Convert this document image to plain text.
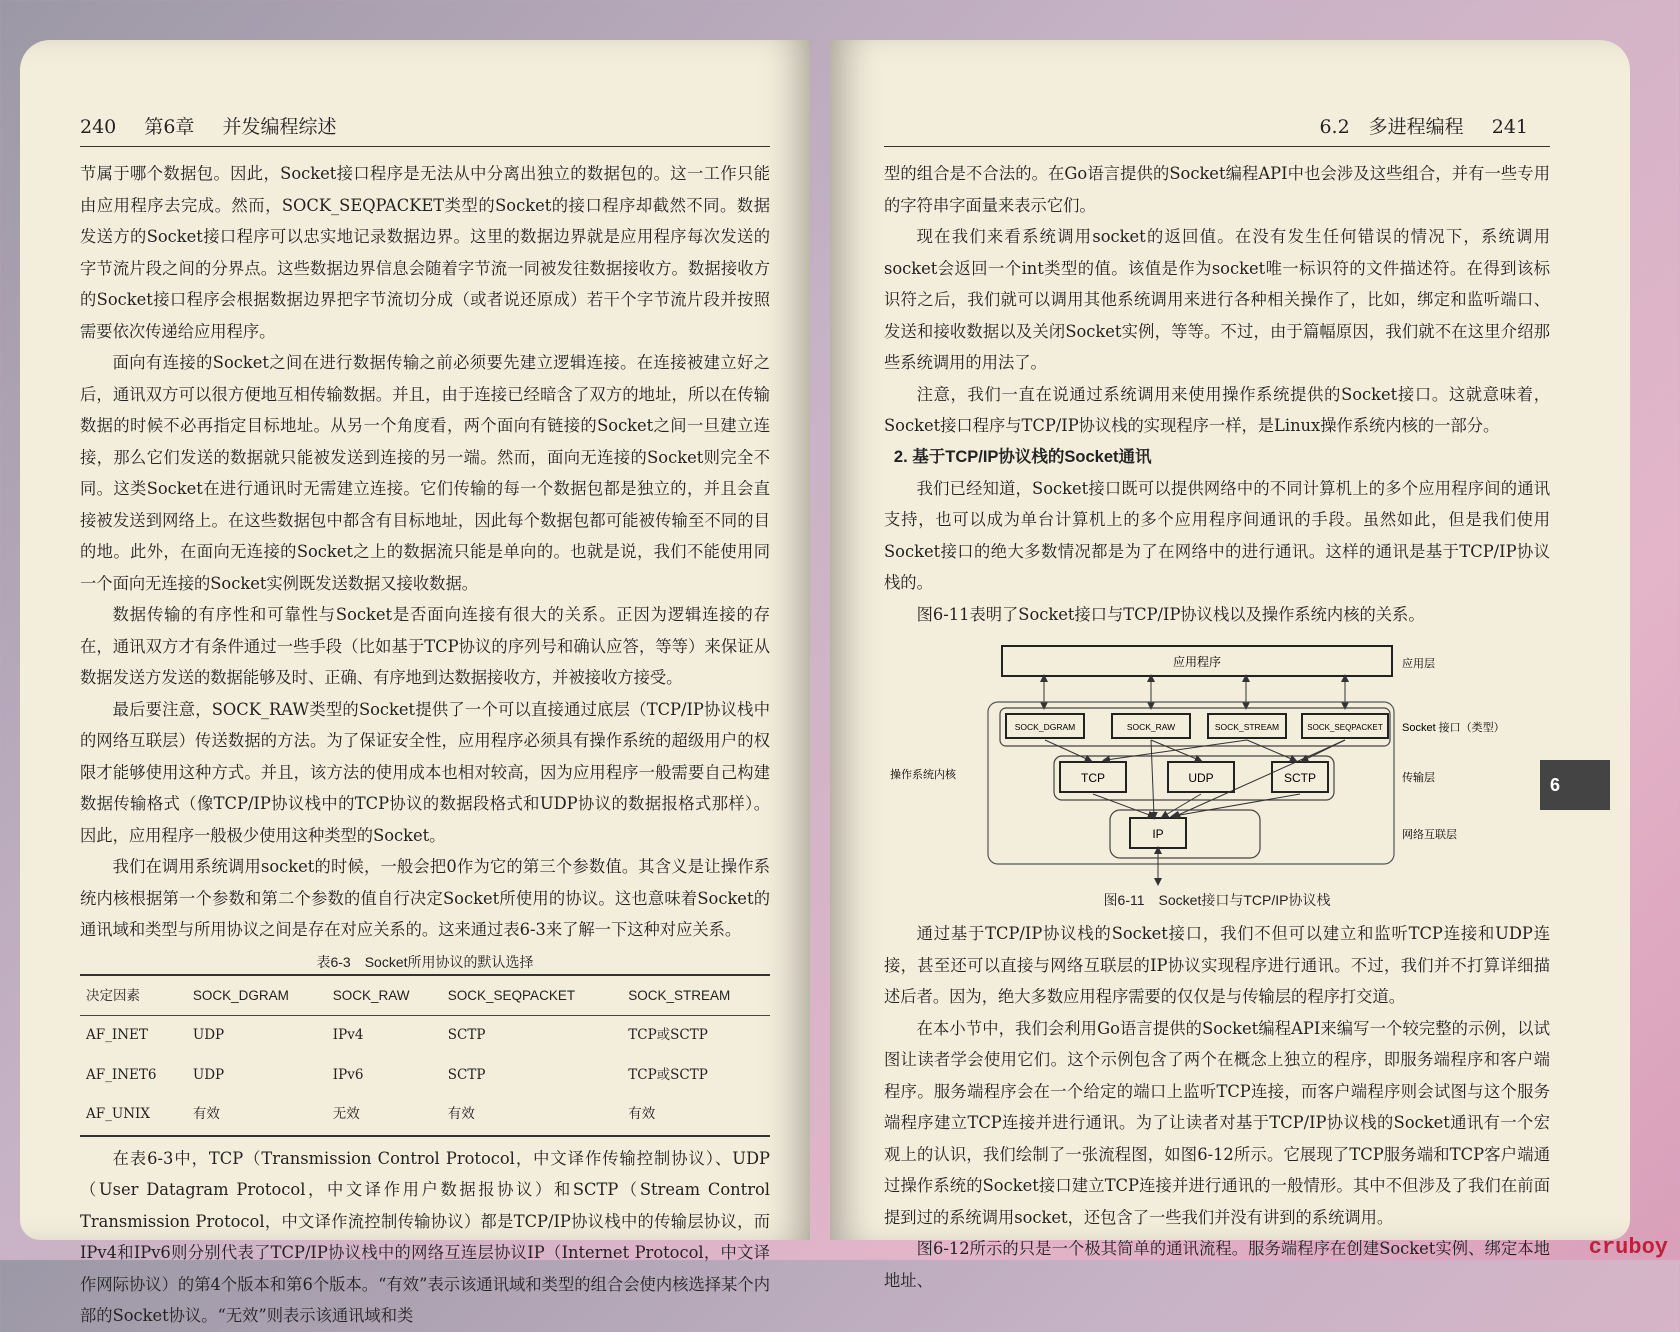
240 第6章 并发编程综述

节属于哪个数据包。因此，Socket接口程序是无法从中分离出独立的数据包的。这一工作只能由应用程序去完成。然而，SOCK_SEQPACKET类型的Socket的接口程序却截然不同。数据发送方的Socket接口程序可以忠实地记录数据边界。这里的数据边界就是应用程序每次发送的字节流片段之间的分界点。这些数据边界信息会随着字节流一同被发往数据接收方。数据接收方的Socket接口程序会根据数据边界把字节流切分成（或者说还原成）若干个字节流片段并按照需要依次传递给应用程序。

面向有连接的Socket之间在进行数据传输之前必须要先建立逻辑连接。在连接被建立好之后，通讯双方可以很方便地互相传输数据。并且，由于连接已经暗含了双方的地址，所以在传输数据的时候不必再指定目标地址。从另一个角度看，两个面向有链接的Socket之间一旦建立连接，那么它们发送的数据就只能被发送到连接的另一端。然而，面向无连接的Socket则完全不同。这类Socket在进行通讯时无需建立连接。它们传输的每一个数据包都是独立的，并且会直接被发送到网络上。在这些数据包中都含有目标地址，因此每个数据包都可能被传输至不同的目的地。此外，在面向无连接的Socket之上的数据流只能是单向的。也就是说，我们不能使用同一个面向无连接的Socket实例既发送数据又接收数据。

数据传输的有序性和可靠性与Socket是否面向连接有很大的关系。正因为逻辑连接的存在，通讯双方才有条件通过一些手段（比如基于TCP协议的序列号和确认应答，等等）来保证从数据发送方发送的数据能够及时、正确、有序地到达数据接收方，并被接收方接受。

最后要注意，SOCK_RAW类型的Socket提供了一个可以直接通过底层（TCP/IP协议栈中的网络互联层）传送数据的方法。为了保证安全性，应用程序必须具有操作系统的超级用户的权限才能够使用这种方式。并且，该方法的使用成本也相对较高，因为应用程序一般需要自己构建数据传输格式（像TCP/IP协议栈中的TCP协议的数据段格式和UDP协议的数据报格式那样）。因此，应用程序一般极少使用这种类型的Socket。

我们在调用系统调用socket的时候，一般会把0作为它的第三个参数值。其含义是让操作系统内核根据第一个参数和第二个参数的值自行决定Socket所使用的协议。这也意味着Socket的通讯域和类型与所用协议之间是存在对应关系的。这来通过表6-3来了解一下这种对应关系。

表6-3　Socket所用协议的默认选择
决定因素	SOCK_DGRAM	SOCK_RAW	SOCK_SEQPACKET	SOCK_STREAM
AF_INET	UDP	IPv4	SCTP	TCP或SCTP
AF_INET6	UDP	IPv6	SCTP	TCP或SCTP
AF_UNIX	有效	无效	有效	有效

在表6-3中，TCP（Transmission Control Protocol，中文译作传输控制协议）、UDP（User Datagram Protocol，中文译作用户数据报协议）和SCTP（Stream Control Transmission Protocol，中文译作流控制传输协议）都是TCP/IP协议栈中的传输层协议，而IPv4和IPv6则分别代表了TCP/IP协议栈中的网络互连层协议IP（Internet Protocol，中文译作网际协议）的第4个版本和第6个版本。“有效”表示该通讯域和类型的组合会使内核选择某个内部的Socket协议。“无效”则表示该通讯域和类

6.2　多进程编程 241

型的组合是不合法的。在Go语言提供的Socket编程API中也会涉及这些组合，并有一些专用的字符串字面量来表示它们。

现在我们来看系统调用socket的返回值。在没有发生任何错误的情况下，系统调用socket会返回一个int类型的值。该值是作为socket唯一标识符的文件描述符。在得到该标识符之后，我们就可以调用其他系统调用来进行各种相关操作了，比如，绑定和监听端口、发送和接收数据以及关闭Socket实例，等等。不过，由于篇幅原因，我们就不在这里介绍那些系统调用的用法了。

注意，我们一直在说通过系统调用来使用操作系统提供的Socket接口。这就意味着，Socket接口程序与TCP/IP协议栈的实现程序一样，是Linux操作系统内核的一部分。

2. 基于TCP/IP协议栈的Socket通讯

我们已经知道，Socket接口既可以提供网络中的不同计算机上的多个应用程序间的通讯支持，也可以成为单台计算机上的多个应用程序间通讯的手段。虽然如此，但是我们使用Socket接口的绝大多数情况都是为了在网络中的进行通讯。这样的通讯是基于TCP/IP协议栈的。

图6-11表明了Socket接口与TCP/IP协议栈以及操作系统内核的关系。

应用程序	应用层
操作系统内核
SOCK_DGRAM	SOCK_RAW	SOCK_STREAM	SOCK_SEQPACKET Socket 接口（类型）
TCP	UDP	SCTP	传输层
IP	网络互联层
图6-11　Socket接口与TCP/IP协议栈

通过基于TCP/IP协议栈的Socket接口，我们不但可以建立和监听TCP连接和UDP连接，甚至还可以直接与网络互联层的IP协议实现程序进行通讯。不过，我们并不打算详细描述后者。因为，绝大多数应用程序需要的仅仅是与传输层的程序打交道。

在本小节中，我们会利用Go语言提供的Socket编程API来编写一个较完整的示例，以试图让读者学会使用它们。这个示例包含了两个在概念上独立的程序，即服务端程序和客户端程序。服务端程序会在一个给定的端口上监听TCP连接，而客户端程序则会试图与这个服务端程序建立TCP连接并进行通讯。为了让读者对基于TCP/IP协议栈的Socket通讯有一个宏观上的认识，我们绘制了一张流程图，如图6-12所示。它展现了TCP服务端和TCP客户端通过操作系统的Socket接口建立TCP连接并进行通讯的一般情形。其中不但涉及了我们在前面提到过的系统调用socket，还包含了一些我们并没有讲到的系统调用。

图6-12所示的只是一个极其简单的通讯流程。服务端程序在创建Socket实例、绑定本地地址、

6
cruboy
